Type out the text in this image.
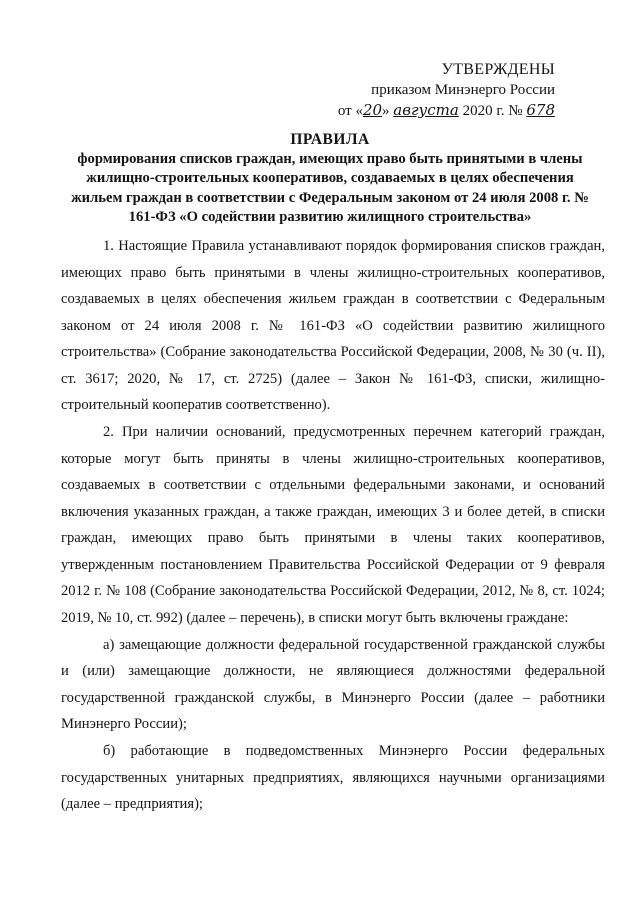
УТВЕРЖДЕНЫ
приказом Минэнерго России
от «20» августа 2020 г. № 678
ПРАВИЛА
формирования списков граждан, имеющих право быть принятыми в члены жилищно-строительных кооперативов, создаваемых в целях обеспечения жильем граждан в соответствии с Федеральным законом от 24 июля 2008 г. № 161-ФЗ «О содействии развитию жилищного строительства»

1. Настоящие Правила устанавливают порядок формирования списков граждан, имеющих право быть принятыми в члены жилищно-строительных кооперативов, создаваемых в целях обеспечения жильем граждан в соответствии с Федеральным законом от 24 июля 2008 г. № 161-ФЗ «О содействии развитию жилищного строительства» (Собрание законодательства Российской Федерации, 2008, № 30 (ч. II), ст. 3617; 2020, № 17, ст. 2725) (далее – Закон № 161-ФЗ, списки, жилищно-строительный кооператив соответственно).

2. При наличии оснований, предусмотренных перечнем категорий граждан, которые могут быть приняты в члены жилищно-строительных кооперативов, создаваемых в соответствии с отдельными федеральными законами, и оснований включения указанных граждан, а также граждан, имеющих 3 и более детей, в списки граждан, имеющих право быть принятыми в члены таких кооперативов, утвержденным постановлением Правительства Российской Федерации от 9 февраля 2012 г. № 108 (Собрание законодательства Российской Федерации, 2012, № 8, ст. 1024; 2019, № 10, ст. 992) (далее – перечень), в списки могут быть включены граждане:

а) замещающие должности федеральной государственной гражданской службы и (или) замещающие должности, не являющиеся должностями федеральной государственной гражданской службы, в Минэнерго России (далее – работники Минэнерго России);

б) работающие в подведомственных Минэнерго России федеральных государственных унитарных предприятиях, являющихся научными организациями (далее – предприятия);
